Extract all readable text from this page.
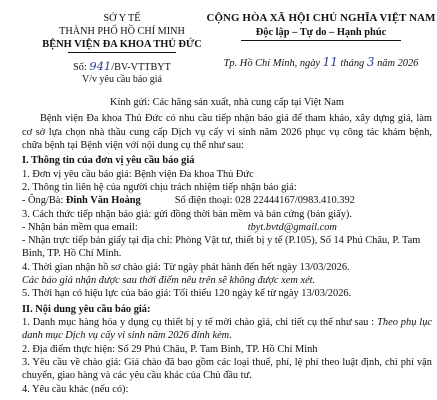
SỞ Y TẾ
THÀNH PHỐ HỒ CHÍ MINH
BỆNH VIỆN ĐA KHOA THỦ ĐỨC
Số: 941/BV-VTTBYT
V/v yêu cầu báo giá
CỘNG HÒA XÃ HỘI CHỦ NGHĨA VIỆT NAM
Độc lập – Tự do – Hạnh phúc
Tp. Hồ Chí Minh, ngày 11 tháng 3 năm 2026

Kính gửi: Các hãng sản xuất, nhà cung cấp tại Việt Nam

Bệnh viện Đa khoa Thủ Đức có nhu cầu tiếp nhận báo giá để tham khảo, xây dựng giá, làm cơ sở lựa chọn nhà thầu cung cấp Dịch vụ cấy vi sinh năm 2026 phục vụ công tác khám bệnh, chữa bệnh tại Bệnh viện với nội dung cụ thể như sau:

I. Thông tin của đơn vị yêu cầu báo giá

1. Đơn vị yêu cầu báo giá: Bệnh viện Đa khoa Thủ Đức

2. Thông tin liên hệ của người chịu trách nhiệm tiếp nhận báo giá:

- Ông/Bà: Đinh Văn Hoàng	Số điện thoại: 028 22444167/0983.410.392

3. Cách thức tiếp nhận báo giá: gửi đồng thời bản mềm và bản cứng (bản giấy).

- Nhận bản mềm qua email:	tbyt.bvtd@gmail.com

- Nhận trực tiếp bản giấy tại địa chỉ: Phòng Vật tư, thiết bị y tế (P.105), Số 14 Phú Châu, P. Tam Bình, TP. Hồ Chí Minh.

4. Thời gian nhận hồ sơ chào giá: Từ ngày phát hành đến hết ngày 13/03/2026.

Các báo giá nhận được sau thời điểm nêu trên sẽ không được xem xét.

5. Thời hạn có hiệu lực của báo giá: Tối thiểu 120 ngày kể từ ngày 13/03/2026.

II. Nội dung yêu cầu báo giá:

1. Danh mục hàng hóa y dụng cụ thiết bị y tế mời chào giá, chi tiết cụ thể như sau : Theo phụ lục danh mục Dịch vụ cấy vi sinh năm 2026 đính kèm.

2. Địa điểm thực hiện: Số 29 Phú Châu, P. Tam Bình, TP. Hồ Chí Minh

3. Yêu cầu về chào giá: Giá chào đã bao gồm các loại thuế, phí, lệ phí theo luật định, chi phí vận chuyển, giao hàng và các yêu cầu khác của Chủ đầu tư.

4. Yêu cầu khác (nếu có):
